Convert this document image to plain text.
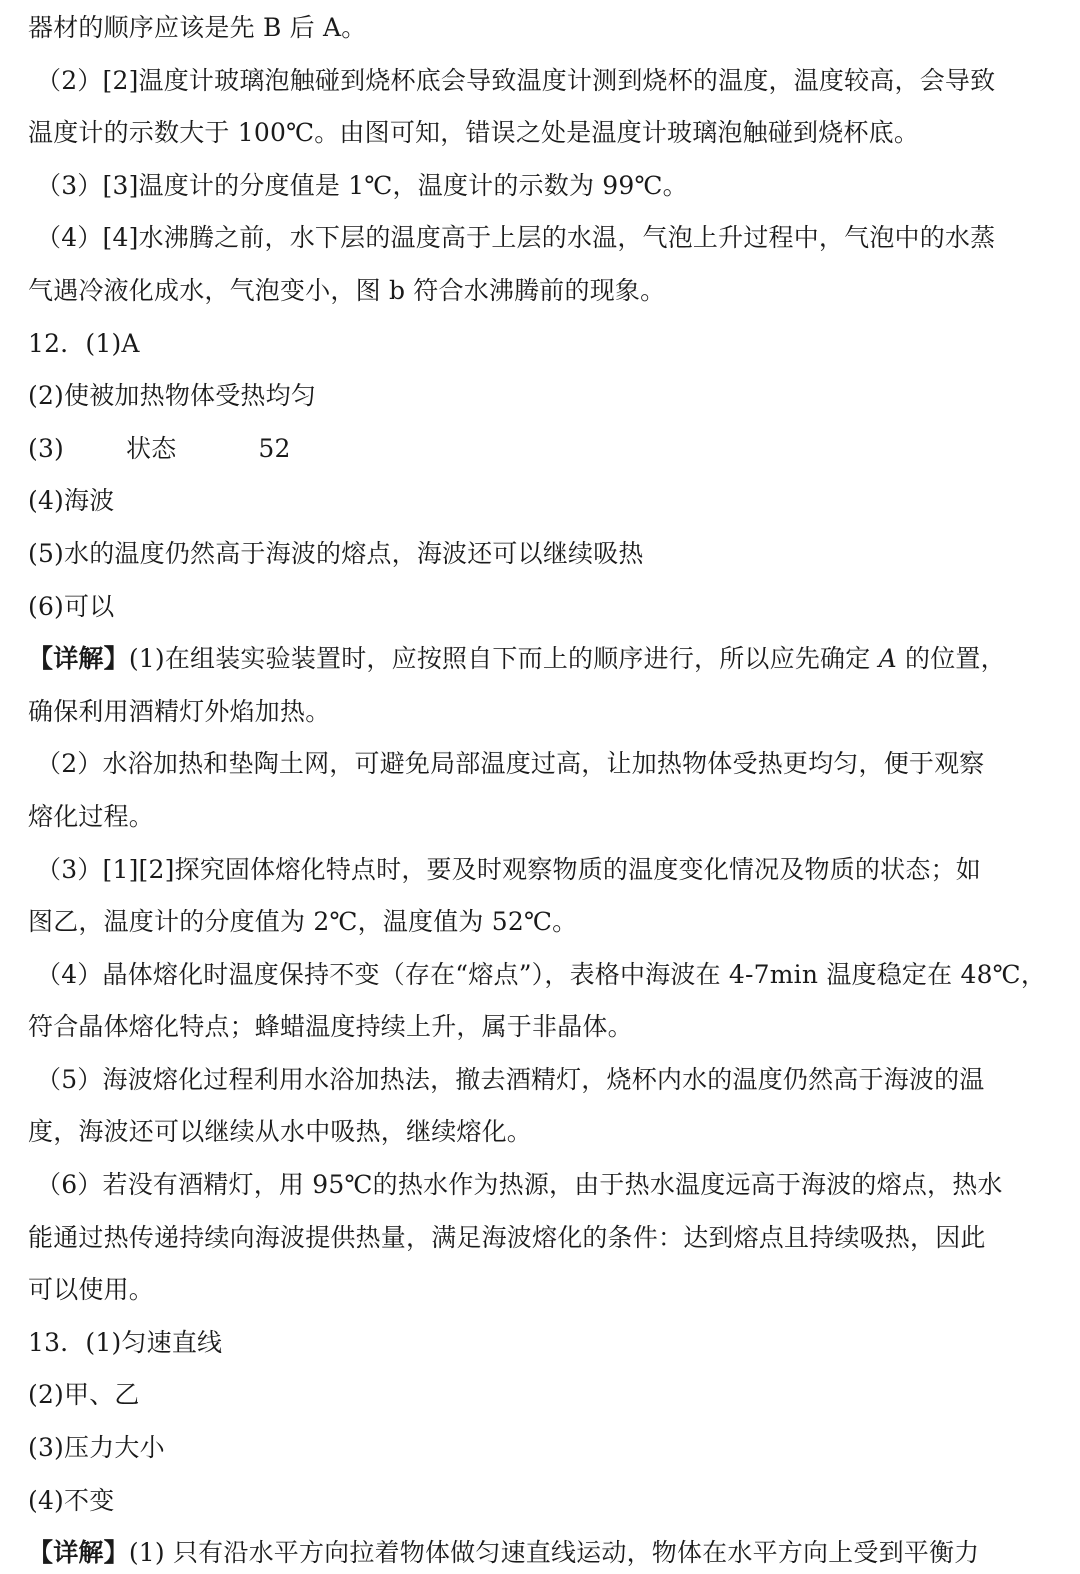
器材的顺序应该是先 B 后 A。
（2）[2]温度计玻璃泡触碰到烧杯底会导致温度计测到烧杯的温度，温度较高，会导致
温度计的示数大于 100℃。由图可知，错误之处是温度计玻璃泡触碰到烧杯底。
（3）[3]温度计的分度值是 1℃，温度计的示数为 99℃。
（4）[4]水沸腾之前，水下层的温度高于上层的水温，气泡上升过程中，气泡中的水蒸
气遇冷液化成水，气泡变小，图 b 符合水沸腾前的现象。
12．(1)A
(2)使被加热物体受热均匀
(3) 状态	52
(4)海波
(5)水的温度仍然高于海波的熔点，海波还可以继续吸热
(6)可以
【详解】(1)在组装实验装置时，应按照自下而上的顺序进行，所以应先确定 A 的位置，
确保利用酒精灯外焰加热。
（2）水浴加热和垫陶土网，可避免局部温度过高，让加热物体受热更均匀，便于观察
熔化过程。
（3）[1][2]探究固体熔化特点时，要及时观察物质的温度变化情况及物质的状态；如
图乙，温度计的分度值为 2℃，温度值为 52℃。
（4）晶体熔化时温度保持不变（存在“熔点”），表格中海波在 4-7min 温度稳定在 48℃，
符合晶体熔化特点；蜂蜡温度持续上升，属于非晶体。
（5）海波熔化过程利用水浴加热法，撤去酒精灯，烧杯内水的温度仍然高于海波的温
度，海波还可以继续从水中吸热，继续熔化。
（6）若没有酒精灯，用 95℃的热水作为热源，由于热水温度远高于海波的熔点，热水
能通过热传递持续向海波提供热量，满足海波熔化的条件：达到熔点且持续吸热，因此
可以使用。
13．(1)匀速直线
(2)甲、乙
(3)压力大小
(4)不变
【详解】(1) 只有沿水平方向拉着物体做匀速直线运动，物体在水平方向上受到平衡力
